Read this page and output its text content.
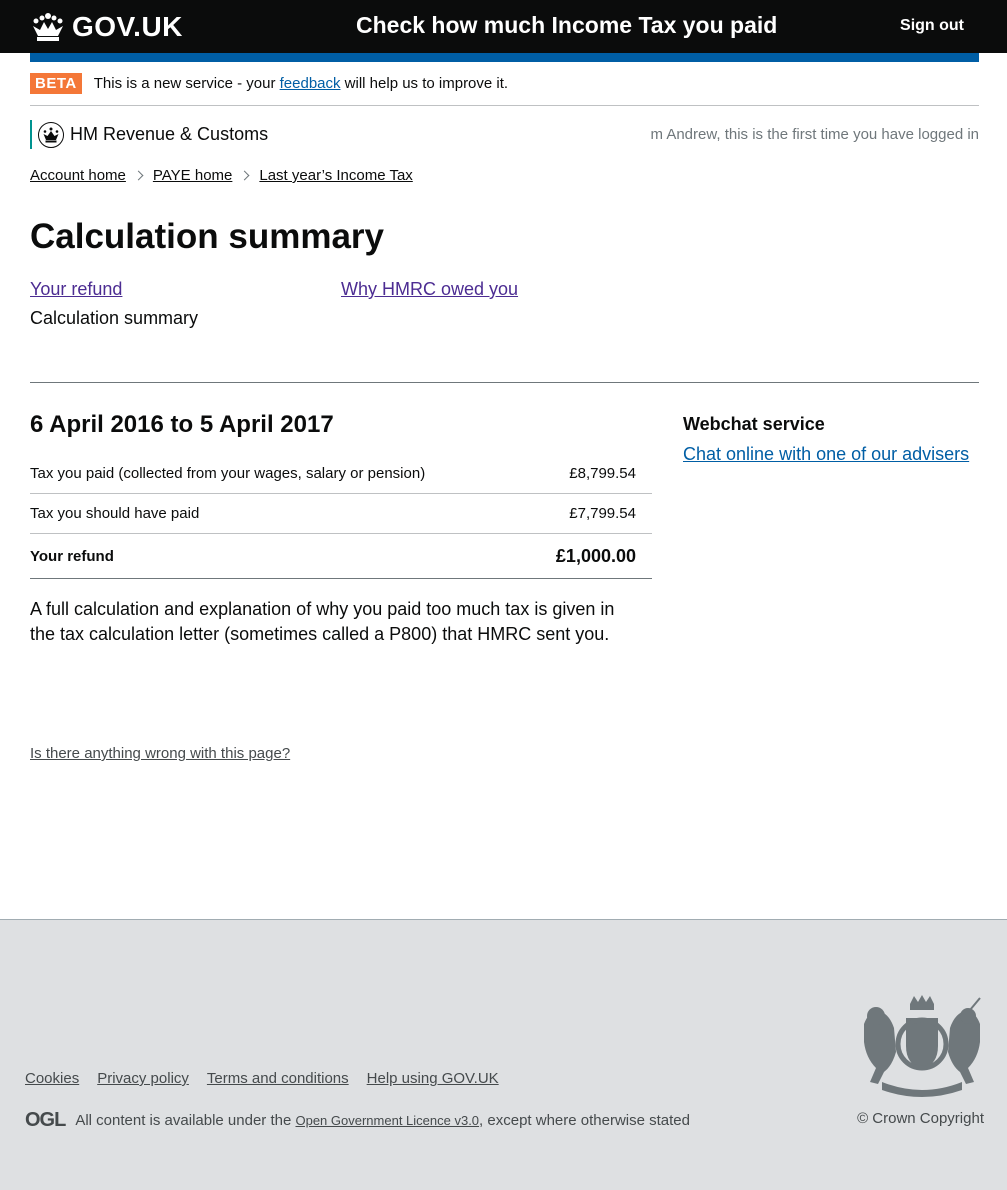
GOV.UK	Check how much Income Tax you paid	Sign out
BETA	This is a new service - your feedback will help us to improve it.
HM Revenue & Customs	m Andrew, this is the first time you have logged in
Account home PAYE home Last year’s Income Tax
Calculation summary
Your refund
Calculation summary
Why HMRC owed you
6 April 2016 to 5 April 2017
Tax you paid (collected from your wages, salary or pension)	£8,799.54
Tax you should have paid	£7,799.54
Your refund	£1,000.00

A full calculation and explanation of why you paid too much tax is given in the tax calculation letter (sometimes called a P800) that HMRC sent you.

Webchat service
Chat online with one of our advisers
Is there anything wrong with this page?
Cookies Privacy policy Terms and conditions Help using GOV.UK
OGL All content is available under the Open Government Licence v3.0 , except where otherwise stated	© Crown Copyright
